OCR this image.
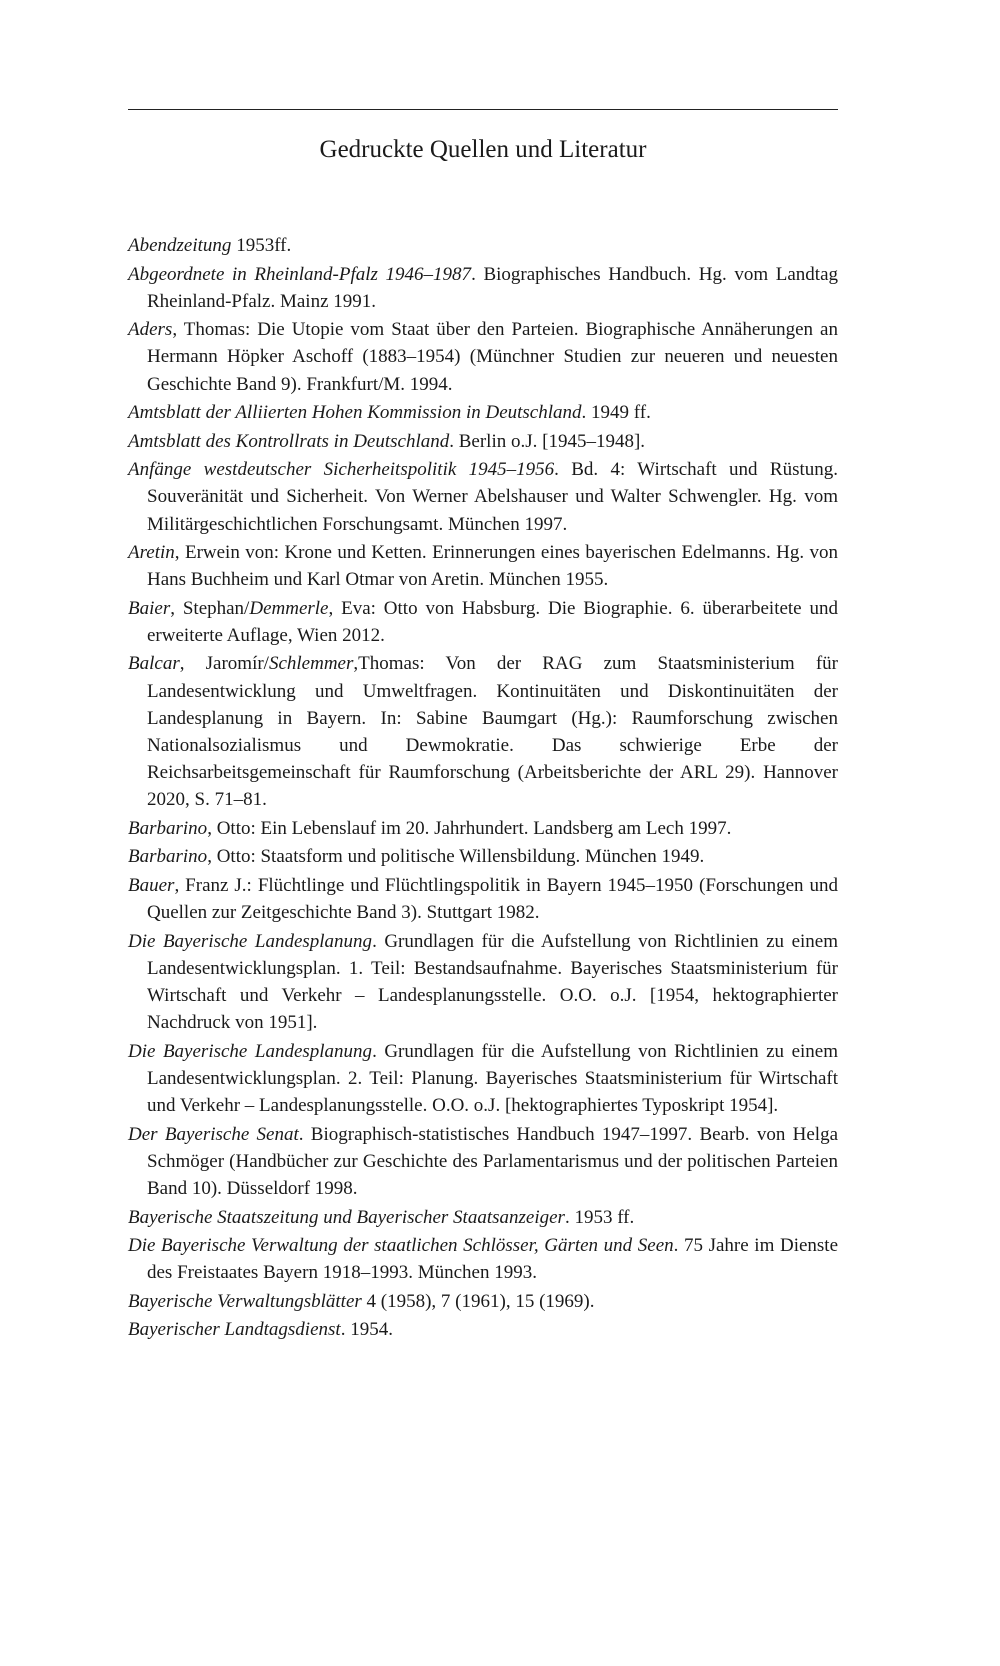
Gedruckte Quellen und Literatur

Abendzeitung 1953ff.

Abgeordnete in Rheinland-Pfalz 1946–1987. Biographisches Handbuch. Hg. vom Landtag Rheinland-Pfalz. Mainz 1991.

Aders, Thomas: Die Utopie vom Staat über den Parteien. Biographische Annäherungen an Hermann Höpker Aschoff (1883–1954) (Münchner Studien zur neueren und neuesten Geschichte Band 9). Frankfurt/M. 1994.

Amtsblatt der Alliierten Hohen Kommission in Deutschland. 1949 ff.

Amtsblatt des Kontrollrats in Deutschland. Berlin o.J. [1945–1948].

Anfänge westdeutscher Sicherheitspolitik 1945–1956. Bd. 4: Wirtschaft und Rüstung. Souveränität und Sicherheit. Von Werner Abelshauser und Walter Schwengler. Hg. vom Militärgeschichtlichen Forschungsamt. München 1997.

Aretin, Erwein von: Krone und Ketten. Erinnerungen eines bayerischen Edelmanns. Hg. von Hans Buchheim und Karl Otmar von Aretin. München 1955.

Baier, Stephan/Demmerle, Eva: Otto von Habsburg. Die Biographie. 6. überarbeitete und erweiterte Auflage, Wien 2012.

Balcar, Jaromír/Schlemmer,Thomas: Von der RAG zum Staatsministerium für Landesentwicklung und Umweltfragen. Kontinuitäten und Diskontinuitäten der Landesplanung in Bayern. In: Sabine Baumgart (Hg.): Raumforschung zwischen Nationalsozialismus und Dewmokratie. Das schwierige Erbe der Reichsarbeitsgemeinschaft für Raumforschung (Arbeitsberichte der ARL 29). Hannover 2020, S. 71–81.

Barbarino, Otto: Ein Lebenslauf im 20. Jahrhundert. Landsberg am Lech 1997.

Barbarino, Otto: Staatsform und politische Willensbildung. München 1949.

Bauer, Franz J.: Flüchtlinge und Flüchtlingspolitik in Bayern 1945–1950 (Forschungen und Quellen zur Zeitgeschichte Band 3). Stuttgart 1982.

Die Bayerische Landesplanung. Grundlagen für die Aufstellung von Richtlinien zu einem Landesentwicklungsplan. 1. Teil: Bestandsaufnahme. Bayerisches Staatsministerium für Wirtschaft und Verkehr – Landesplanungsstelle. O.O. o.J. [1954, hektographierter Nachdruck von 1951].

Die Bayerische Landesplanung. Grundlagen für die Aufstellung von Richtlinien zu einem Landesentwicklungsplan. 2. Teil: Planung. Bayerisches Staatsministerium für Wirtschaft und Verkehr – Landesplanungsstelle. O.O. o.J. [hektographiertes Typoskript 1954].

Der Bayerische Senat. Biographisch-statistisches Handbuch 1947–1997. Bearb. von Helga Schmöger (Handbücher zur Geschichte des Parlamentarismus und der politischen Parteien Band 10). Düsseldorf 1998.

Bayerische Staatszeitung und Bayerischer Staatsanzeiger. 1953 ff.

Die Bayerische Verwaltung der staatlichen Schlösser, Gärten und Seen. 75 Jahre im Dienste des Freistaates Bayern 1918–1993. München 1993.

Bayerische Verwaltungsblätter 4 (1958), 7 (1961), 15 (1969).

Bayerischer Landtagsdienst. 1954.
